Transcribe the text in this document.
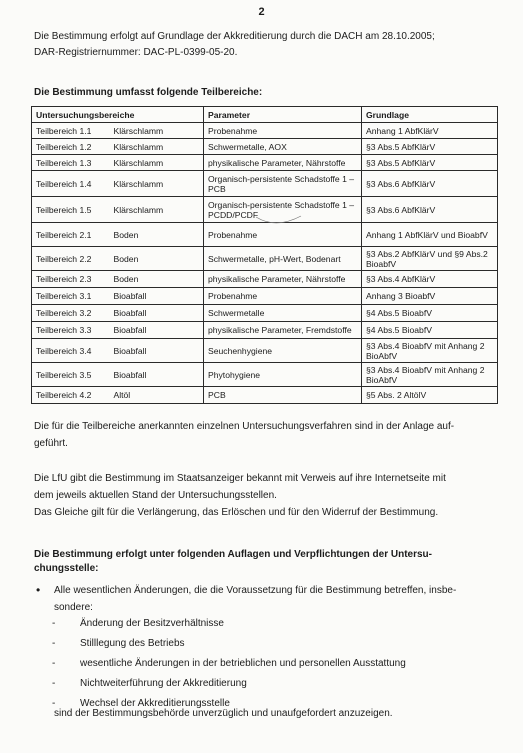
2
Die Bestimmung erfolgt auf Grundlage der Akkreditierung durch die DACH am 28.10.2005;
DAR-Registriernummer: DAC-PL-0399-05-20.
Die Bestimmung umfasst folgende Teilbereiche:
Untersuchungsbereiche		Parameter	Grundlage
Teilbereich 1.1	Klärschlamm	Probenahme	Anhang 1 AbfKlärV
Teilbereich 1.2	Klärschlamm	Schwermetalle, AOX	§3 Abs.5 AbfKlärV
Teilbereich 1.3	Klärschlamm	physikalische Parameter, Nährstoffe	§3 Abs.5 AbfKlärV
Teilbereich 1.4	Klärschlamm	Organisch-persistente Schadstoffe 1 – PCB	§3 Abs.6 AbfKlärV
Teilbereich 1.5	Klärschlamm	Organisch-persistente Schadstoffe 1 – PCDD/PCDF	§3 Abs.6 AbfKlärV
Teilbereich 2.1	Boden	Probenahme	Anhang 1 AbfKlärV und BioabfV
Teilbereich 2.2	Boden	Schwermetalle, pH-Wert, Bodenart	§3 Abs.2 AbfKlärV und §9 Abs.2 BioabfV
Teilbereich 2.3	Boden	physikalische Parameter, Nährstoffe	§3 Abs.4 AbfKlärV
Teilbereich 3.1	Bioabfall	Probenahme	Anhang 3 BioabfV
Teilbereich 3.2	Bioabfall	Schwermetalle	§4 Abs.5 BioabfV
Teilbereich 3.3	Bioabfall	physikalische Parameter, Fremdstoffe	§4 Abs.5 BioabfV
Teilbereich 3.4	Bioabfall	Seuchenhygiene	§3 Abs.4 BioabfV mit Anhang 2 BioAbfV
Teilbereich 3.5	Bioabfall	Phytohygiene	§3 Abs.4 BioabfV mit Anhang 2 BioAbfV
Teilbereich 4.2	Altöl	PCB	§5 Abs. 2 AltölV
Die für die Teilbereiche anerkannten einzelnen Untersuchungsverfahren sind in der Anlage auf-
geführt.
Die LfU gibt die Bestimmung im Staatsanzeiger bekannt mit Verweis auf ihre Internetseite mit
dem jeweils aktuellen Stand der Untersuchungsstellen.
Das Gleiche gilt für die Verlängerung, das Erlöschen und für den Widerruf der Bestimmung.
Die Bestimmung erfolgt unter folgenden Auflagen und Verpflichtungen der Untersu-
chungsstelle:
• Alle wesentlichen Änderungen, die die Voraussetzung für die Bestimmung betreffen, insbe-
sondere:
- Änderung der Besitzverhältnisse
- Stilllegung des Betriebs
- wesentliche Änderungen in der betrieblichen und personellen Ausstattung
- Nichtweiterführung der Akkreditierung
- Wechsel der Akkreditierungsstelle
sind der Bestimmungsbehörde unverzüglich und unaufgefordert anzuzeigen.
